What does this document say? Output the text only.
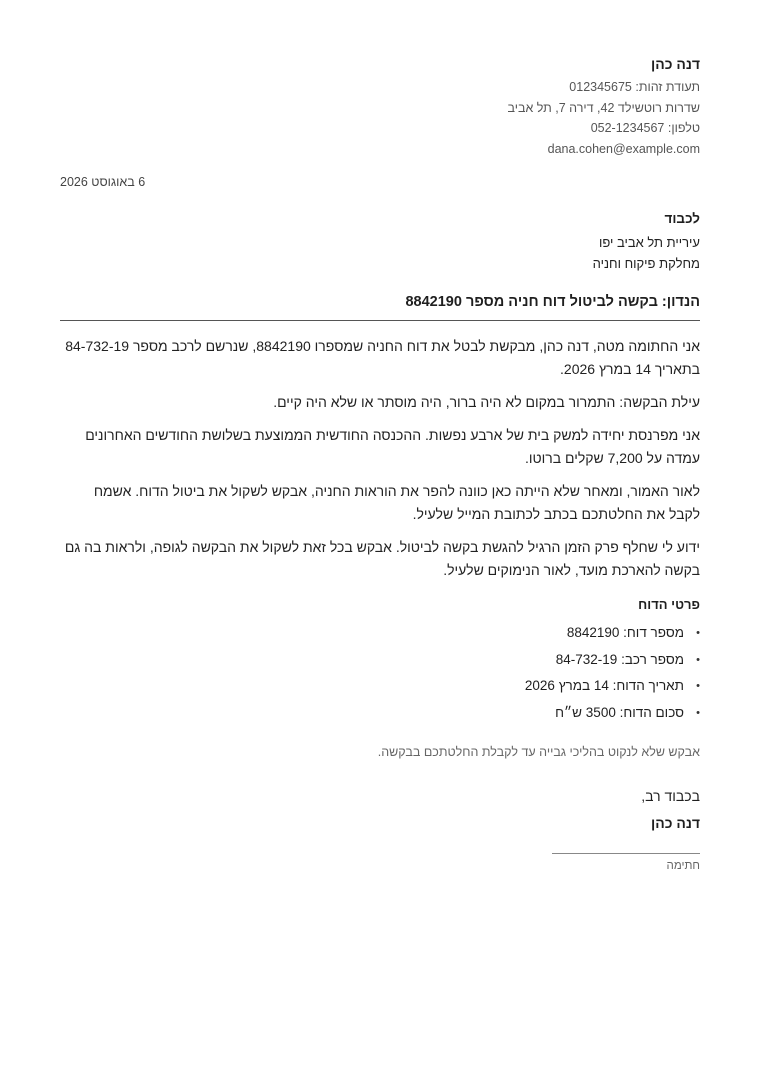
דנה כהן
תעודת זהות: 012345675
שדרות רוטשילד 42, דירה 7, תל אביב
טלפון: 052-1234567
dana.cohen@example.com
6 באוגוסט 2026
לכבוד
עיריית תל אביב יפו
מחלקת פיקוח וחניה
הנדון: בקשה לביטול דוח חניה מספר 8842190

אני החתומה מטה, דנה כהן, מבקשת לבטל את דוח החניה שמספרו 8842190, שנרשם לרכב מספר 84-732-19 בתאריך 14 במרץ 2026.

עילת הבקשה: התמרור במקום לא היה ברור, היה מוסתר או שלא היה קיים.

אני מפרנסת יחידה למשק בית של ארבע נפשות. ההכנסה החודשית הממוצעת בשלושת החודשים האחרונים עמדה על 7,200 שקלים ברוטו.

לאור האמור, ומאחר שלא הייתה כאן כוונה להפר את הוראות החניה, אבקש לשקול את ביטול הדוח. אשמח לקבל את החלטתכם בכתב לכתובת המייל שלעיל.

ידוע לי שחלף פרק הזמן הרגיל להגשת בקשה לביטול. אבקש בכל זאת לשקול את הבקשה לגופה, ולראות בה גם בקשה להארכת מועד, לאור הנימוקים שלעיל.

פרטי הדוח
•
מספר דוח: 8842190
•
מספר רכב: 84-732-19
•
תאריך הדוח: 14 במרץ 2026
•
סכום הדוח: 3500 ש״ח
אבקש שלא לנקוט בהליכי גבייה עד לקבלת החלטתכם בבקשה.
בכבוד רב,
דנה כהן
חתימה
